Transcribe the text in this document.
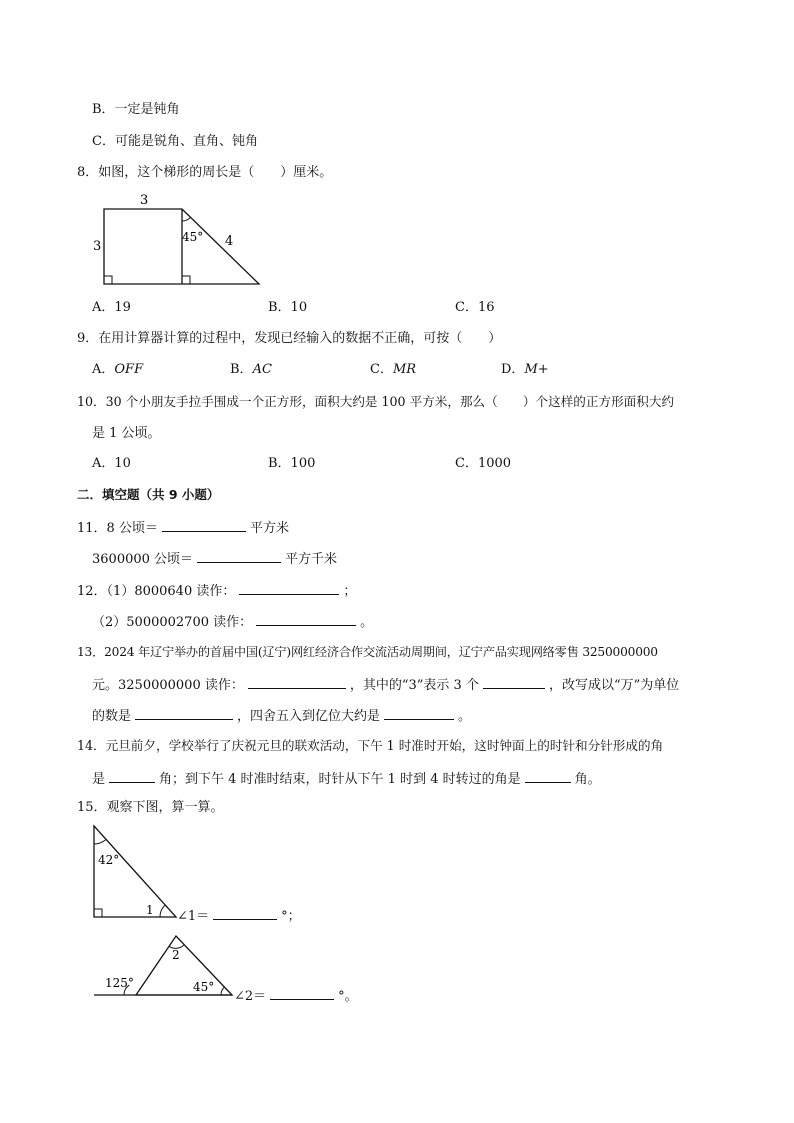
B．一定是钝角
C．可能是锐角、直角、钝角
8．如图，这个梯形的周长是（　　）厘米。
3
3
45° 4
A．19	B．10	C．16
9．在用计算器计算的过程中，发现已经输入的数据不正确，可按（　　）
A．OFF	B．AC	C．MR	D．M+
10．30 个小朋友手拉手围成一个正方形，面积大约是 100 平方米，那么（　　）个这样的正方形面积大约
是 1 公顷。
A．10	B．100	C．1000
二．填空题（共 9 小题）
11．8 公顷＝	平方米
3600000 公顷＝	平方千米
12．（1）8000640 读作：	；
（2）5000002700 读作：	。
13．2024 年辽宁举办的首届中国(辽宁)网红经济合作交流活动周期间，辽宁产品实现网络零售 3250000000
元。3250000000 读作：	，其中的“3”表示 3 个	，改写成以“万”为单位
的数是	，四舍五入到亿位大约是	。
14．元旦前夕，学校举行了庆祝元旦的联欢活动，下午 1 时准时开始，这时钟面上的时针和分针形成的角
是	角；到下午 4 时准时结束，时针从下午 1 时到 4 时转过的角是	角。
15．观察下图，算一算。
42°
1 ∠1＝	°；
2
125°	45°
∠2＝	°。
